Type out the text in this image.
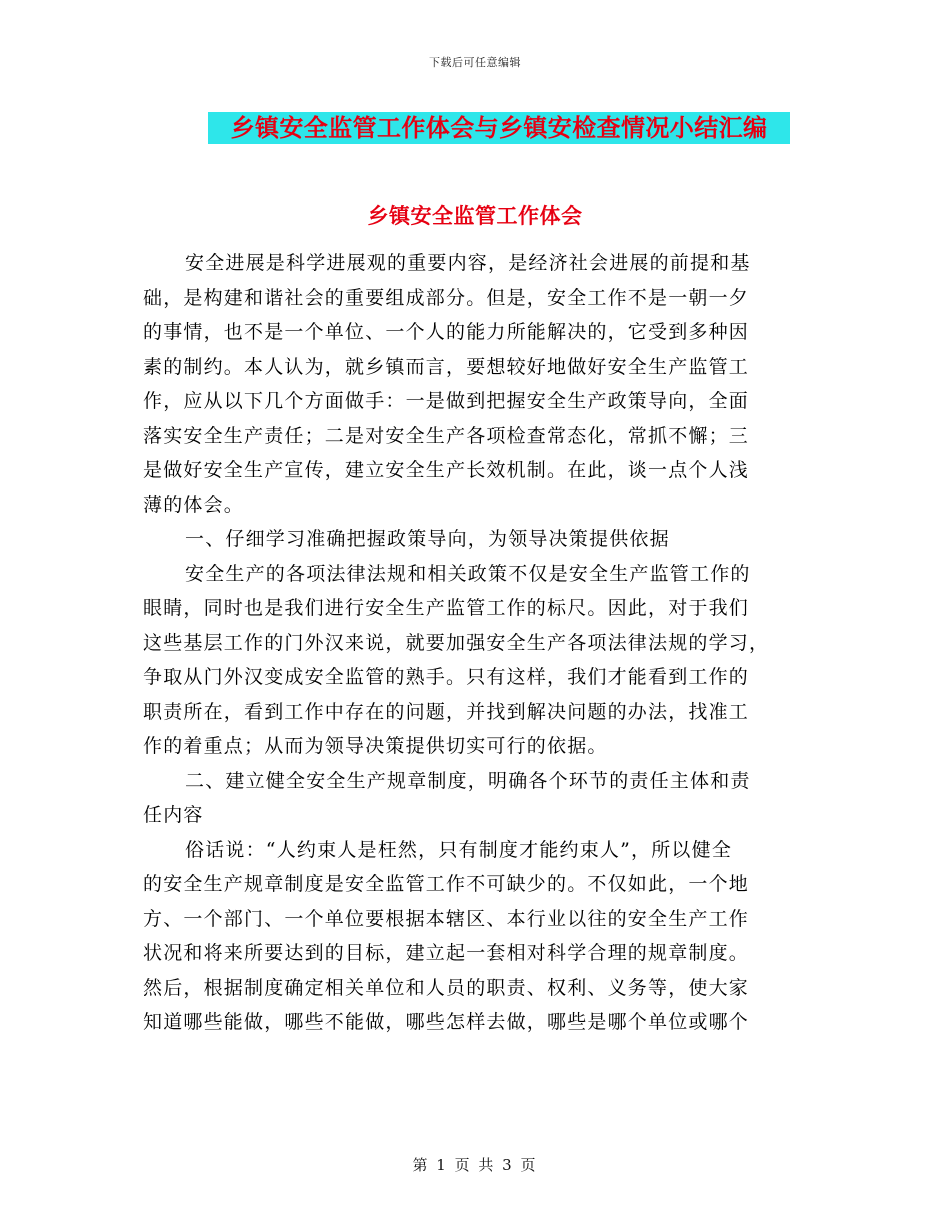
下载后可任意编辑
乡镇安全监管工作体会与乡镇安检查情况小结汇编
乡镇安全监管工作体会
安全进展是科学进展观的重要内容，是经济社会进展的前提和基
础，是构建和谐社会的重要组成部分。但是，安全工作不是一朝一夕
的事情，也不是一个单位、一个人的能力所能解决的，它受到多种因
素的制约。本人认为，就乡镇而言，要想较好地做好安全生产监管工
作，应从以下几个方面做手：一是做到把握安全生产政策导向，全面
落实安全生产责任；二是对安全生产各项检查常态化，常抓不懈；三
是做好安全生产宣传，建立安全生产长效机制。在此，谈一点个人浅
薄的体会。
一、仔细学习准确把握政策导向，为领导决策提供依据
安全生产的各项法律法规和相关政策不仅是安全生产监管工作的
眼睛，同时也是我们进行安全生产监管工作的标尺。因此，对于我们
这些基层工作的门外汉来说，就要加强安全生产各项法律法规的学习，
争取从门外汉变成安全监管的熟手。只有这样，我们才能看到工作的
职责所在，看到工作中存在的问题，并找到解决问题的办法，找准工
作的着重点；从而为领导决策提供切实可行的依据。
二、建立健全安全生产规章制度，明确各个环节的责任主体和责
任内容
俗话说：“人约束人是枉然，只有制度才能约束人”，所以健全
的安全生产规章制度是安全监管工作不可缺少的。不仅如此，一个地
方、一个部门、一个单位要根据本辖区、本行业以往的安全生产工作
状况和将来所要达到的目标，建立起一套相对科学合理的规章制度。
然后，根据制度确定相关单位和人员的职责、权利、义务等，使大家
知道哪些能做，哪些不能做，哪些怎样去做，哪些是哪个单位或哪个
第 1 页 共 3 页
